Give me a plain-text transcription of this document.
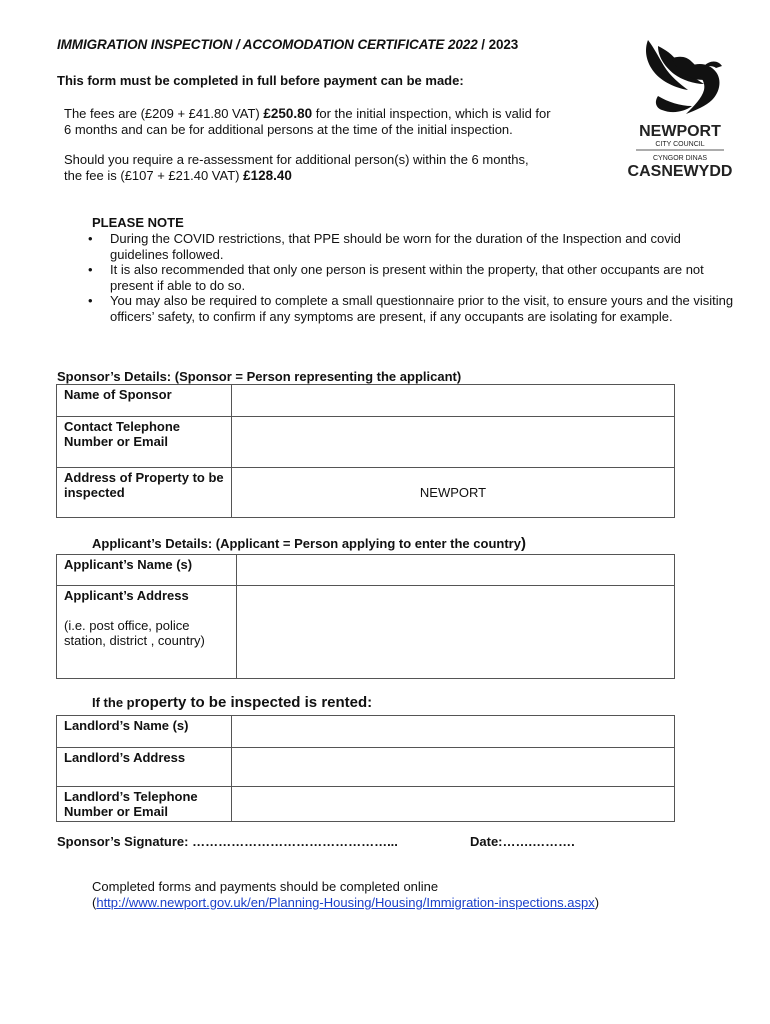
IMMIGRATION INSPECTION / ACCOMODATION CERTIFICATE 2022 / 2023
NEWPORT
CITY COUNCIL
CYNGOR DINAS
CASNEWYDD
This form must be completed in full before payment can be made:
The fees are (£209 + £41.80 VAT) £250.80 for the initial inspection, which is valid for
6 months and can be for additional persons at the time of the initial inspection.
Should you require a re-assessment for additional person(s) within the 6 months,
the fee is (£107 + £21.40 VAT) £128.40
PLEASE NOTE
• During the COVID restrictions, that PPE should be worn for the duration of the Inspection and covid guidelines followed.
• It is also recommended that only one person is present within the property, that other occupants are not present if able to do so.
• You may also be required to complete a small questionnaire prior to the visit, to ensure yours and the visiting officers’ safety, to confirm if any symptoms are present, if any occupants are isolating for example.
Sponsor’s Details: (Sponsor = Person representing the applicant)
Name of Sponsor	
Contact Telephone Number or Email	
Address of Property to be inspected	NEWPORT
Applicant’s Details: (Applicant = Person applying to enter the country)
Applicant’s Name (s)	

Applicant’s Address
(i.e. post office, police station, district , country)	

If the property to be inspected is rented:
Landlord’s Name (s)	
Landlord’s Address	
Landlord’s Telephone Number or Email	
Sponsor’s Signature: ………………………………………...	Date:…….……….
Completed forms and payments should be completed online
(http://www.newport.gov.uk/en/Planning-Housing/Housing/Immigration-inspections.aspx)
